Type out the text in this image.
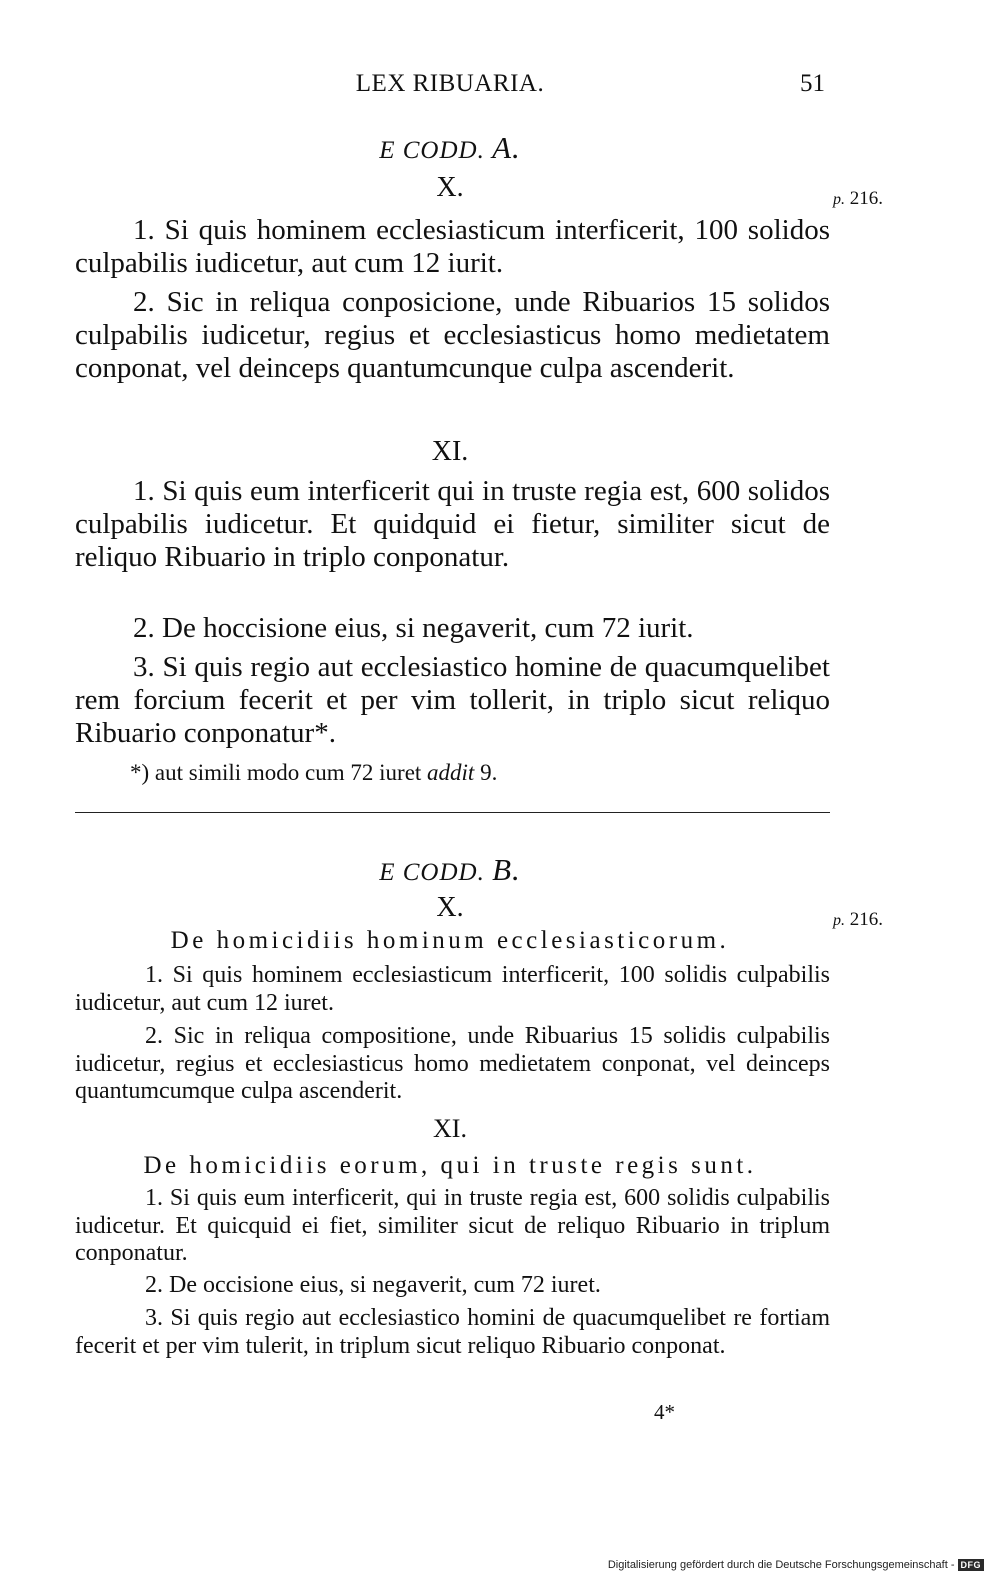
LEX RIBUARIA.	51
E CODD. A.
X.	p. 216.

1. Si quis hominem ecclesiasticum interficerit, 100 solidos culpabilis iudicetur, aut cum 12 iurit.

2. Sic in reliqua conposicione, unde Ribuarios 15 solidos culpabilis iudicetur, regius et ecclesiasticus homo medietatem conponat, vel deinceps quantumcunque culpa ascenderit.

XI.

1. Si quis eum interficerit qui in truste regia est, 600 solidos culpabilis iudicetur. Et quidquid ei fietur, similiter sicut de reliquo Ribuario in triplo conponatur.

2. De hoccisione eius, si negaverit, cum 72 iurit.

3. Si quis regio aut ecclesiastico homine de quacumquelibet rem forcium fecerit et per vim tollerit, in triplo sicut reliquo Ribuario conponatur*.

*) aut simili modo cum 72 iuret addit 9.
E CODD. B.
X.	p. 216.
De homicidiis hominum ecclesiasticorum.

1. Si quis hominem ecclesiasticum interficerit, 100 solidis culpabilis iudicetur, aut cum 12 iuret.

2. Sic in reliqua compositione, unde Ribuarius 15 solidis culpabilis iudicetur, regius et ecclesiasticus homo medietatem conponat, vel deinceps quantumcumque culpa ascenderit.

XI.
De homicidiis eorum, qui in truste regis sunt.

1. Si quis eum interficerit, qui in truste regia est, 600 solidis culpabilis iudicetur. Et quicquid ei fiet, similiter sicut de reliquo Ribuario in triplum conponatur.

2. De occisione eius, si negaverit, cum 72 iuret.

3. Si quis regio aut ecclesiastico homini de quacumquelibet re fortiam fecerit et per vim tulerit, in triplum sicut reliquo Ribuario conponat.

4*
Digitalisierung gefördert durch die Deutsche Forschungsgemeinschaft - DFG
